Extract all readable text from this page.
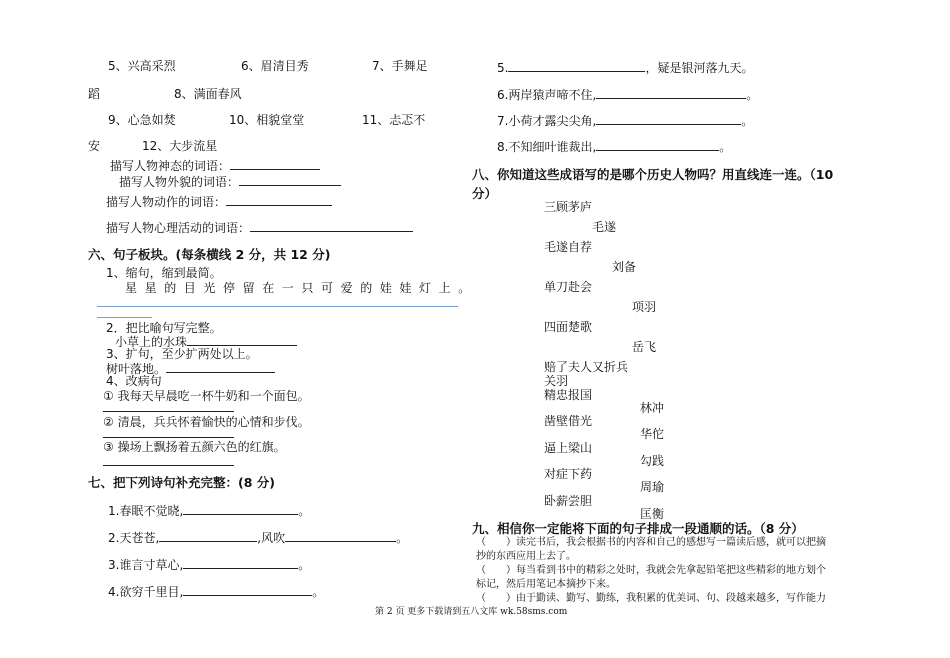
5、兴高采烈	6、眉清目秀	7、手舞足
蹈	8、满面春风
9、心急如焚	10、相貌堂堂	11、忐忑不
安	12、大步流星
描写人物神态的词语：
描写人物外貌的词语：
描写人物动作的词语：
描写人物心理活动的词语：
六、句子板块。(每条横线 2 分，共 12 分)
1、缩句，缩到最简。
星星的目光停留在一只可爱的娃娃灯上。
2．把比喻句写完整。
小草上的水珠
3、扩句，至少扩两处以上。
树叶落地。
4、改病句
① 我每天早晨吃一杯牛奶和一个面包。
② 清晨，兵兵怀着愉快的心情和步伐。
③ 操场上飘扬着五颜六色的红旗。
七、把下列诗句补充完整：(8 分)
1.春眠不觉晓,	。
2.天苍苍,	,风吹	。
3.谁言寸草心,	。
4.欲穷千里目,	。
5.	，疑是银河落九天。
6.两岸猿声啼不住,	。
7.小荷才露尖尖角,	。
8.不知细叶谁裁出,	。
八、你知道这些成语写的是哪个历史人物吗？用直线连一连。（10
分）
三顾茅庐
毛遂
毛遂自荐
刘备
单刀赴会
项羽
四面楚歌
岳飞
赔了夫人又折兵
关羽
精忠报国
林冲
凿壁借光
华佗
逼上梁山
勾践
对症下药
周瑜
卧薪尝胆
匡衡
九、相信你一定能将下面的句子排成一段通顺的话。（8 分）
（　　）读完书后，我会根据书的内容和自己的感想写一篇读后感，就可以把摘
抄的东西应用上去了。
（　　）每当看到书中的精彩之处时，我就会先拿起铅笔把这些精彩的地方划个
标记，然后用笔记本摘抄下来。
（　　）由于勤读、勤写、勤练，我积累的优美词、句、段越来越多，写作能力
第 2 页 更多下载请到五八文库 wk.58sms.com
